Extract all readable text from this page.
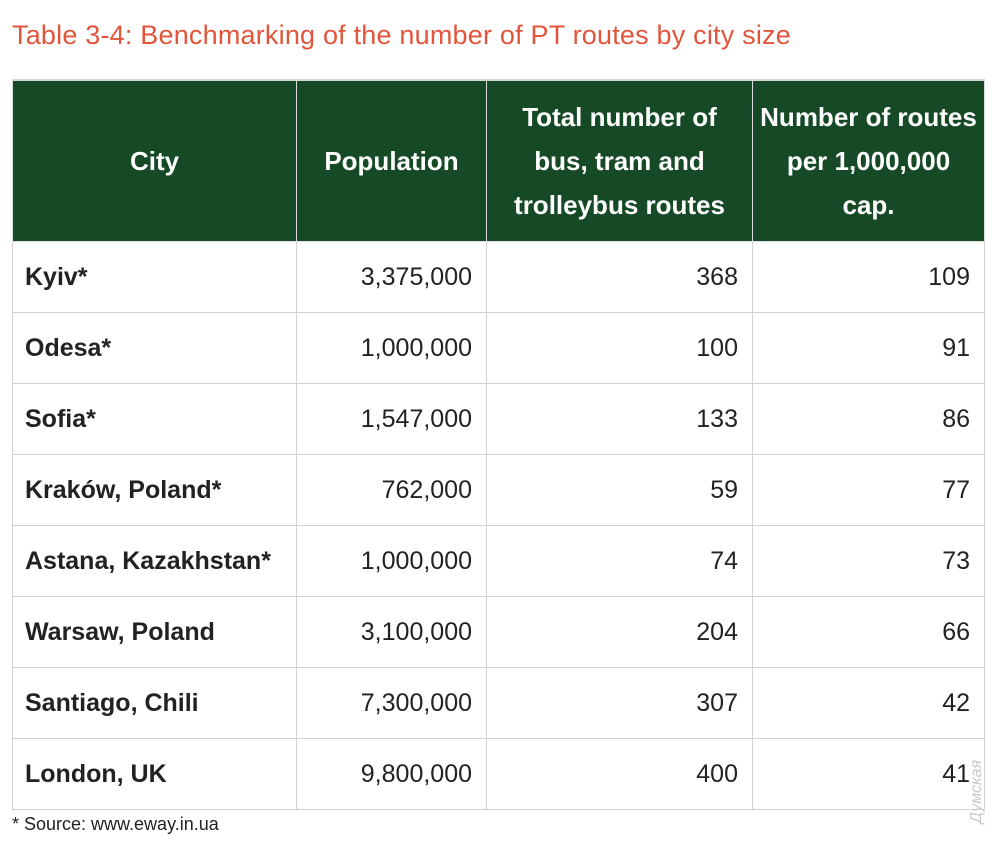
Table 3-4: Benchmarking of the number of PT routes by city size
City	Population	Total number of bus, tram and trolleybus routes	Number of routes per 1,000,000 cap.
Kyiv*	3,375,000	368	109
Odesa*	1,000,000	100	91
Sofia*	1,547,000	133	86
Kraków, Poland*	762,000	59	77
Astana, Kazakhstan*	1,000,000	74	73
Warsaw, Poland	3,100,000	204	66
Santiago, Chili	7,300,000	307	42
London, UK	9,800,000	400	41
* Source: www.eway.in.ua
Думская
